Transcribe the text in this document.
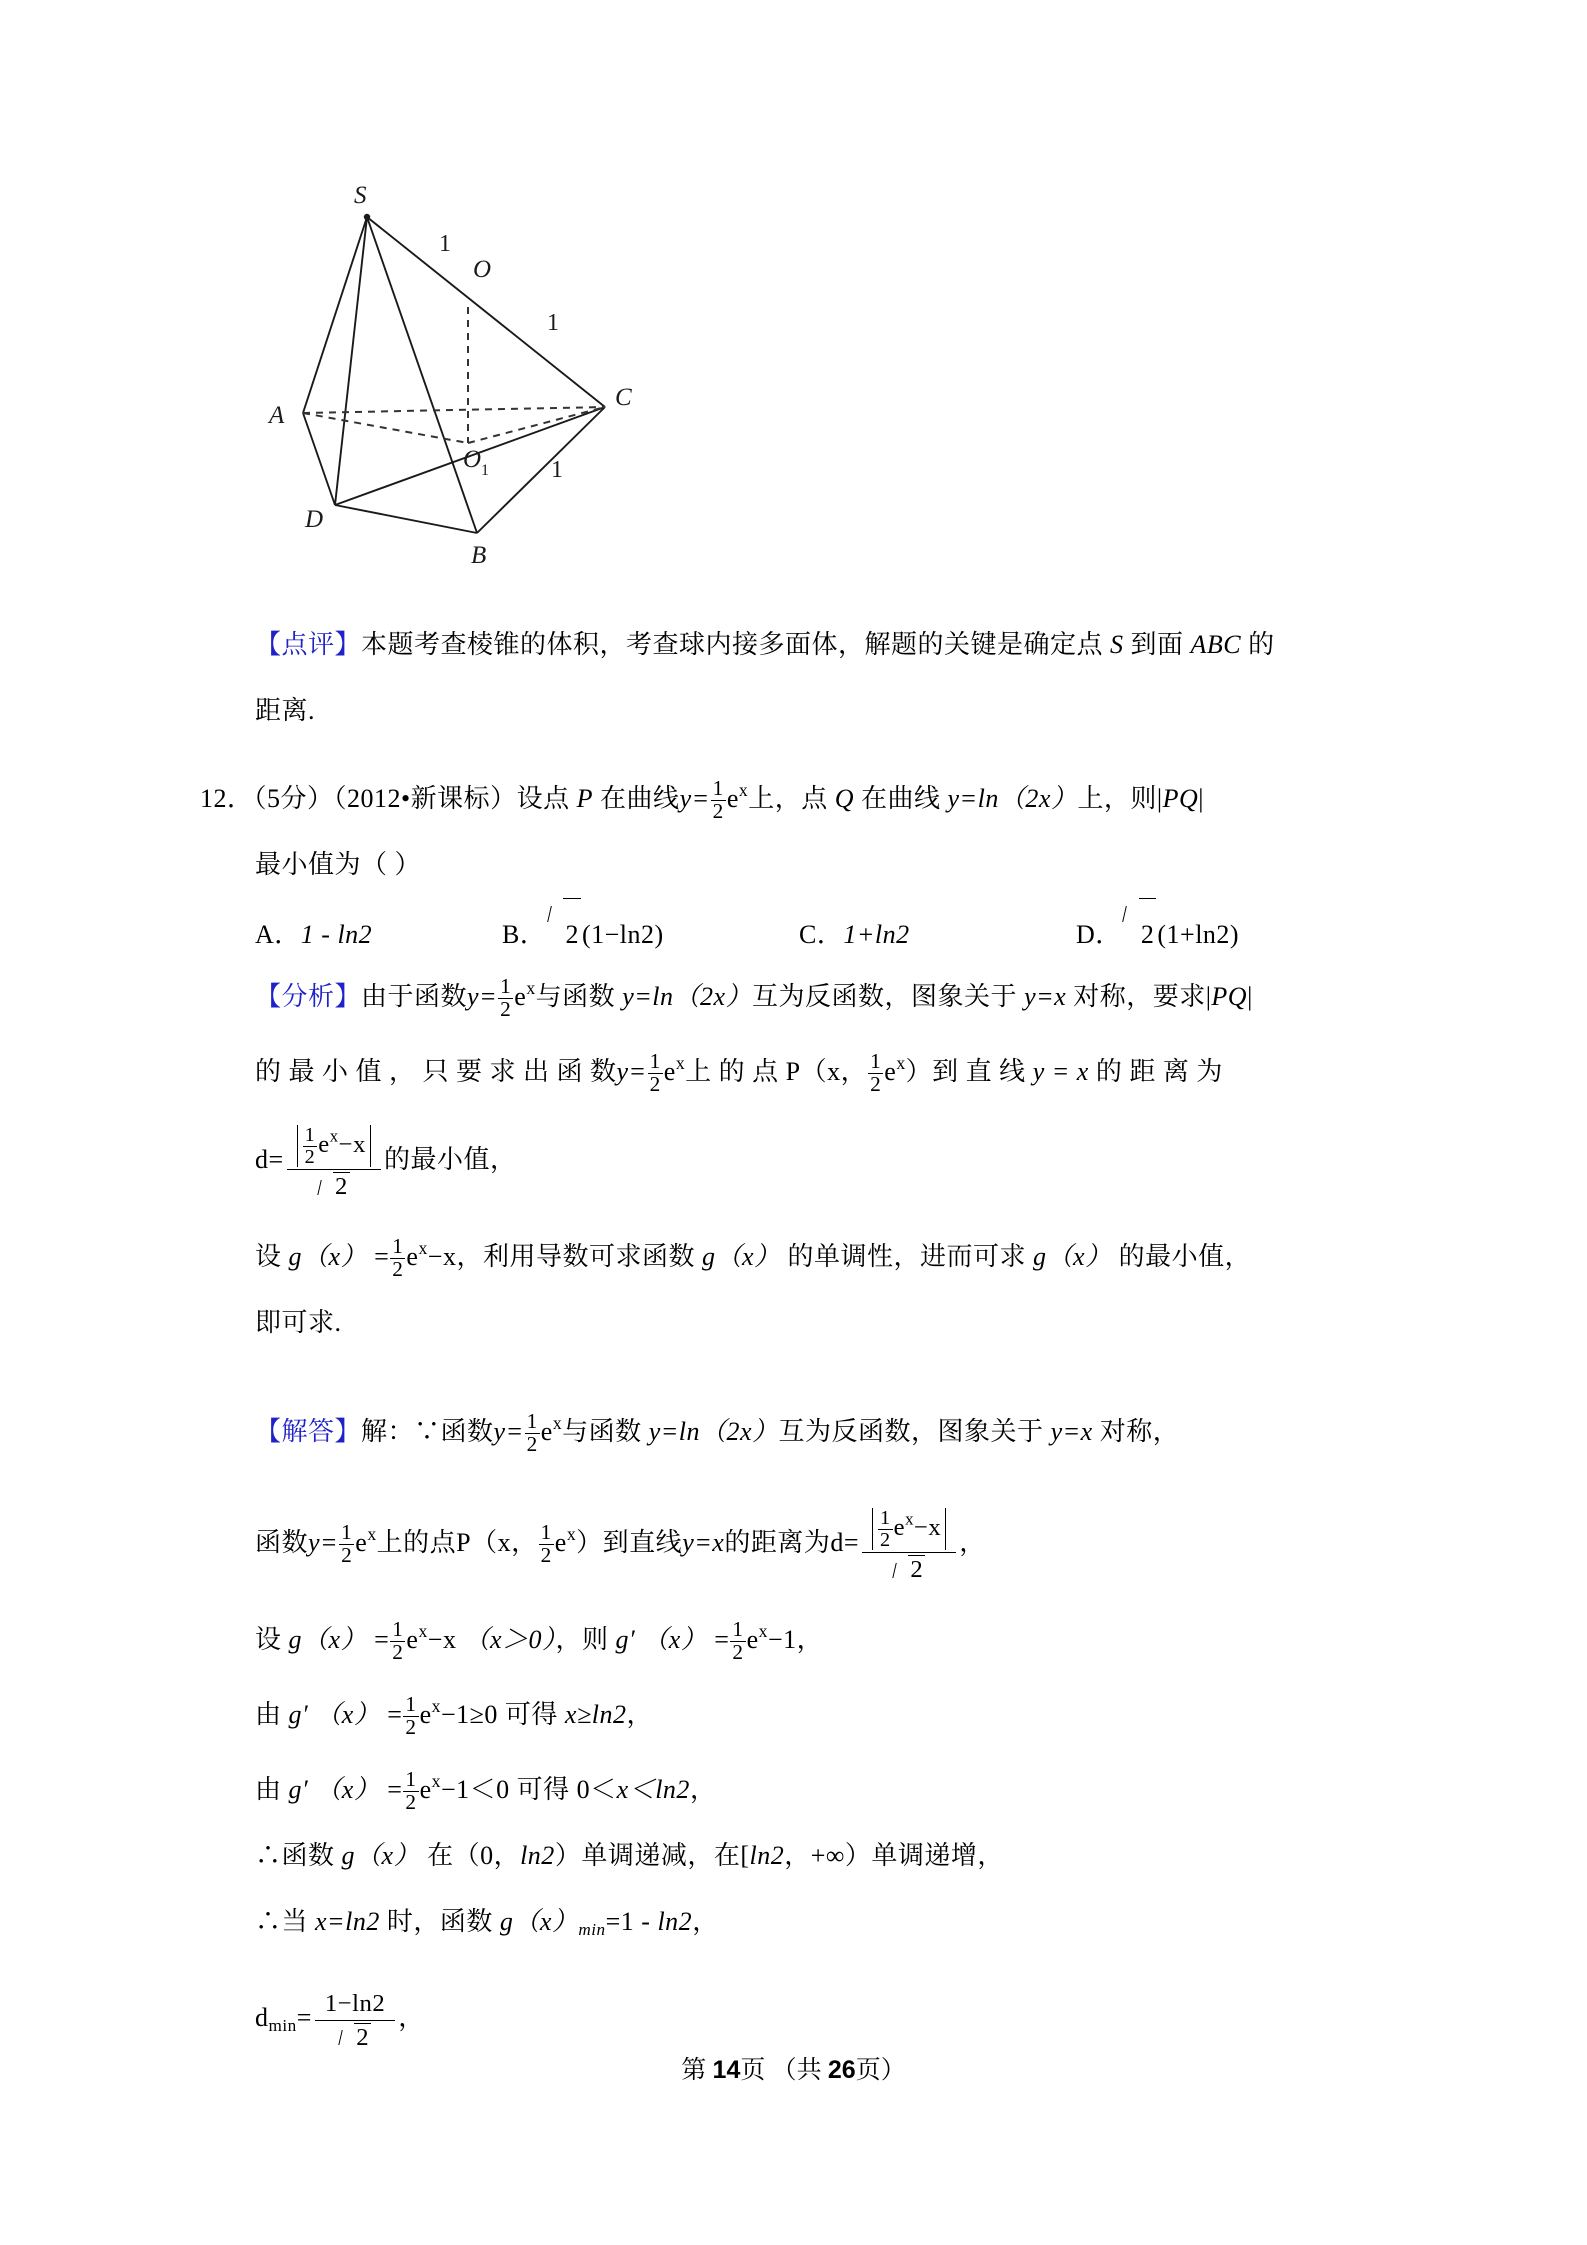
S
O
C
A
O 1
D
B
1
1
1
【点评】本题考查棱锥的体积，考查球内接多面体，解题的关键是确定点 S 到面 ABC 的
距离.
12．（5分）（2012•新课标）设点 P 在曲线$y= \frac{1}{2} e^x$上，点 Q 在曲线 y=ln（2x）上，则|PQ|
最小值为（ ）
A．1 - ln2	B． 2 (1−ln2)	C．1+ln2	D． 2 (1+ln2)
【分析】由于函数$y= \frac{1}{2} e^x$与函数 y=ln（2x）互为反函数，图象关于 y=x 对称，要求|PQ|
的 最 小 值 ， 只 要 求 出 函 数$y= \frac{1}{2} e^x$上 的 点 P（x， $\frac{1}{2} e^x$）到 直 线 y = x 的 距 离 为
$d= \frac{\frac{1}{2} e^x-x}{2}$ 的最小值，
设 $g(x) = \frac{1}{2} e^x-x$，利用导数可求函数 g（x） 的单调性，进而可求 g（x） 的最小值，
即可求.
【解答】解：∵函数$y= \frac{1}{2} e^x$与函数 y=ln（2x）互为反函数，图象关于 y=x 对称，
函数$y= \frac{1}{2} e^x$上的点P（x， $\frac{1}{2} e^x$）到直线y=x的距离为$d= \frac{\frac{1}{2} e^x-x}{2}$ ，
设 $g(x) = \frac{1}{2} e^x-x$ （x＞0），则 g′ $(x) = \frac{1}{2} e^x-1$，
由 g′ $(x) = \frac{1}{2} e^x-1\ge 0$ 可得 x≥ln2，
由 g′ $(x) = \frac{1}{2} e^x-1<0$ 可得 0＜x＜ln2，
∴函数 g（x） 在（0，ln2）单调递减，在[ln2，+∞）单调递增，
∴当 x=ln2 时，函数 $g(x)_{min}=1 - \ln 2$，
$d_{min}= \frac{1-\ln 2}{2}$ ，
第 14页 （共 26页）
